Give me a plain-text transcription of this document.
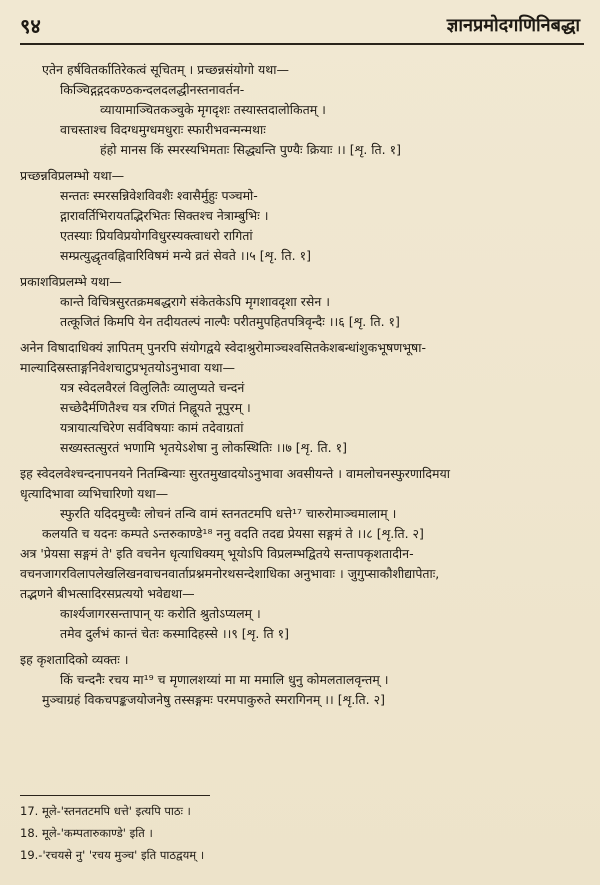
९४	ज्ञानप्रमोदगणिनिबद्धा
एतेन हर्षवितर्कातिरेकत्वं सूचितम् । प्रच्छन्नसंयोगो यथा—
किञ्चिद्गद्गदकण्ठकन्दलदलद्धीनस्तनावर्तन-
व्यायामाञ्चितकञ्चुके मृगदृशः तस्यास्तदालोकितम् ।
वाचस्ताश्च विदग्धमुग्धमधुराः स्फारीभवन्मन्मथाः
हंहो मानस किं स्मरस्यभिमताः सिद्ध्यन्ति पुण्यैः क्रियाः ।। [शृ. ति. १]
प्रच्छन्नविप्रलम्भो यथा—
सन्ततः स्मरसन्निवेशविवशैः श्वासैर्मुहुः पञ्चमो-
द्गारावर्तिभिरायतद्भिरभितः सिक्तश्च नेत्राम्बुभिः ।
एतस्याः प्रियविप्रयोगविधुरस्यक्त्वाधरो रागितां
सम्प्रत्युद्धृतवह्निवारिविषमं मन्ये व्रतं सेवते ।।५ [शृ. ति. १]
प्रकाशविप्रलम्भे यथा—
कान्ते विचित्रसुरतक्रमबद्धरागे संकेतकेऽपि मृगशावदृशा रसेन ।
तत्कूजितं किमपि येन तदीयतल्पं नाल्पैः परीतमुपहितपत्रिवृन्दैः ।।६ [शृ. ति. १]
अनेन विषादाधिक्यं ज्ञापितम् पुनरपि संयोगद्वये स्वेदाश्रुरोमाञ्चश्वसितकेशबन्धांशुकभूषणभूषा-
माल्यादिस्रस्ताङ्गनिवेशचाटुप्रभृतयोऽनुभावा यथा—
यत्र स्वेदलवैरलं विलुलितैः व्यालुप्यते चन्दनं
सच्छेदैर्मणितैश्च यत्र रणितं निह्नूयते नूपुरम् ।
यत्रायात्यचिरेण सर्वविषयाः कामं तदेवाग्रतां
सख्यस्तत्सुरतं भणामि भृतयेऽशेषा नु लोकस्थितिः ।।७ [शृ. ति. १]
इह स्वेदलवेश्चन्दनापनयने नितम्बिन्याः सुरतमुखादयोऽनुभावा अवसीयन्ते । वामलोचनस्फुरणादिमया
धृत्यादिभावा व्यभिचारिणो यथा—
स्फुरति यदिदमुच्चैः लोचनं तन्वि वामं स्तनतटमपि धत्ते¹⁷ चारुरोमाञ्चमालाम् ।
कलयति च यदनः कम्पते ऽन्तरुकाण्डे¹⁸ ननु वदति तदद्य प्रेयसा सङ्गमं ते ।।८ [शृ.ति. २]
अत्र 'प्रेयसा सङ्गमं ते' इति वचनेन धृत्याधिक्यम् भूयोऽपि विप्रलम्भद्वितये सन्तापकृशतादीन-
वचनजागरविलापलेखलिखनवाचनवार्ताप्रश्नमनोरथसन्देशाधिका अनुभावाः । जुगुप्साकौशीद्यापेताः,
तद्भणने बीभत्सादिरसप्रत्ययो भवेद्यथा—
कार्श्यजागरसन्तापान् यः करोति श्रुतोऽप्यलम् ।
तमेव दुर्लभं कान्तं चेतः कस्मादिहस्से ।।९ [शृ. ति १]
इह कृशतादिको व्यक्तः ।
किं चन्दनैः रचय मा¹⁹ च मृणालशय्यां मा मा ममालि धुनु कोमलतालवृन्तम् ।
मुञ्चाग्रहं विकचपङ्कजयोजनेषु तस्सङ्गमः परमपाकुरुते स्मरागिनम् ।। [शृ.ति. २]
17. मूले-'स्तनतटमपि धत्ते' इत्यपि पाठः ।
18. मूले-'कम्पतारुकाण्डे' इति ।
19.-'रचयसे नु' 'रचय मुञ्च' इति पाठद्वयम् ।
